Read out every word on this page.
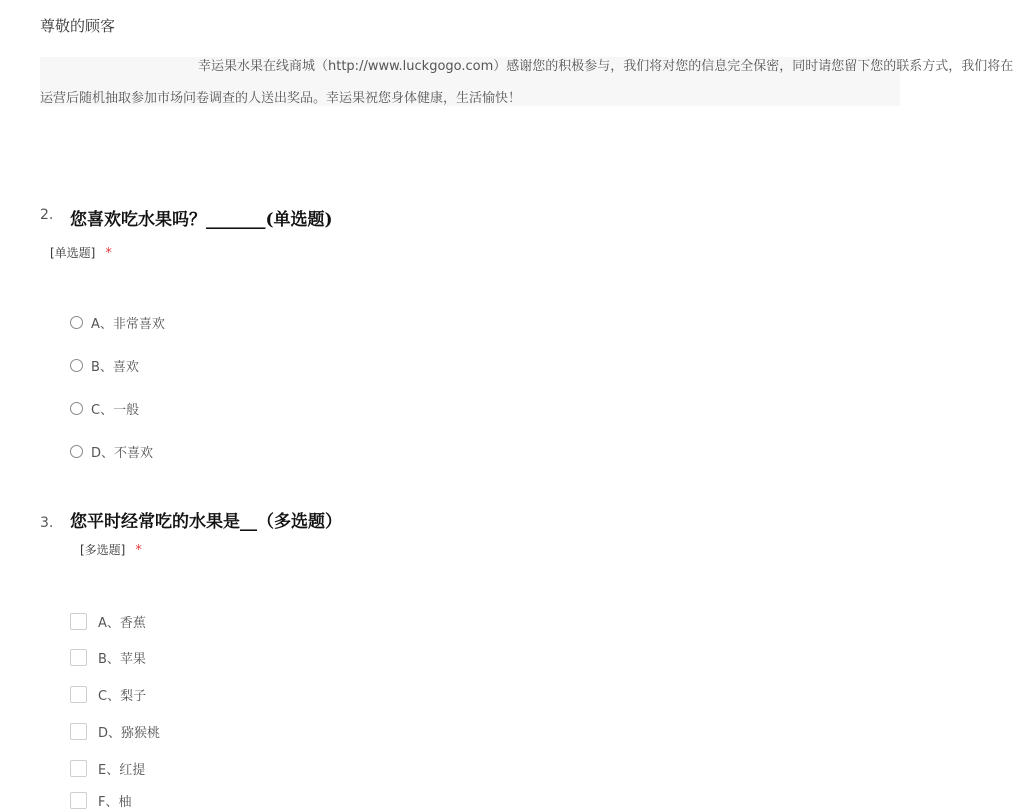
尊敬的顾客
幸运果水果在线商城（http://www.luckgogo.com）感谢您的积极参与，我们将对您的信息完全保密，同时请您留下您的联系方式，我们将在
运营后随机抽取参加市场问卷调查的人送出奖品。幸运果祝您身体健康，生活愉快！
2. 您喜欢吃水果吗？_______(单选题)
[单选题] *
A、非常喜欢
B、喜欢
C、一般
D、不喜欢
3. 您平时经常吃的水果是__（多选题）
[多选题] *
A、香蕉
B、苹果
C、梨子
D、猕猴桃
E、红提
F、柚
